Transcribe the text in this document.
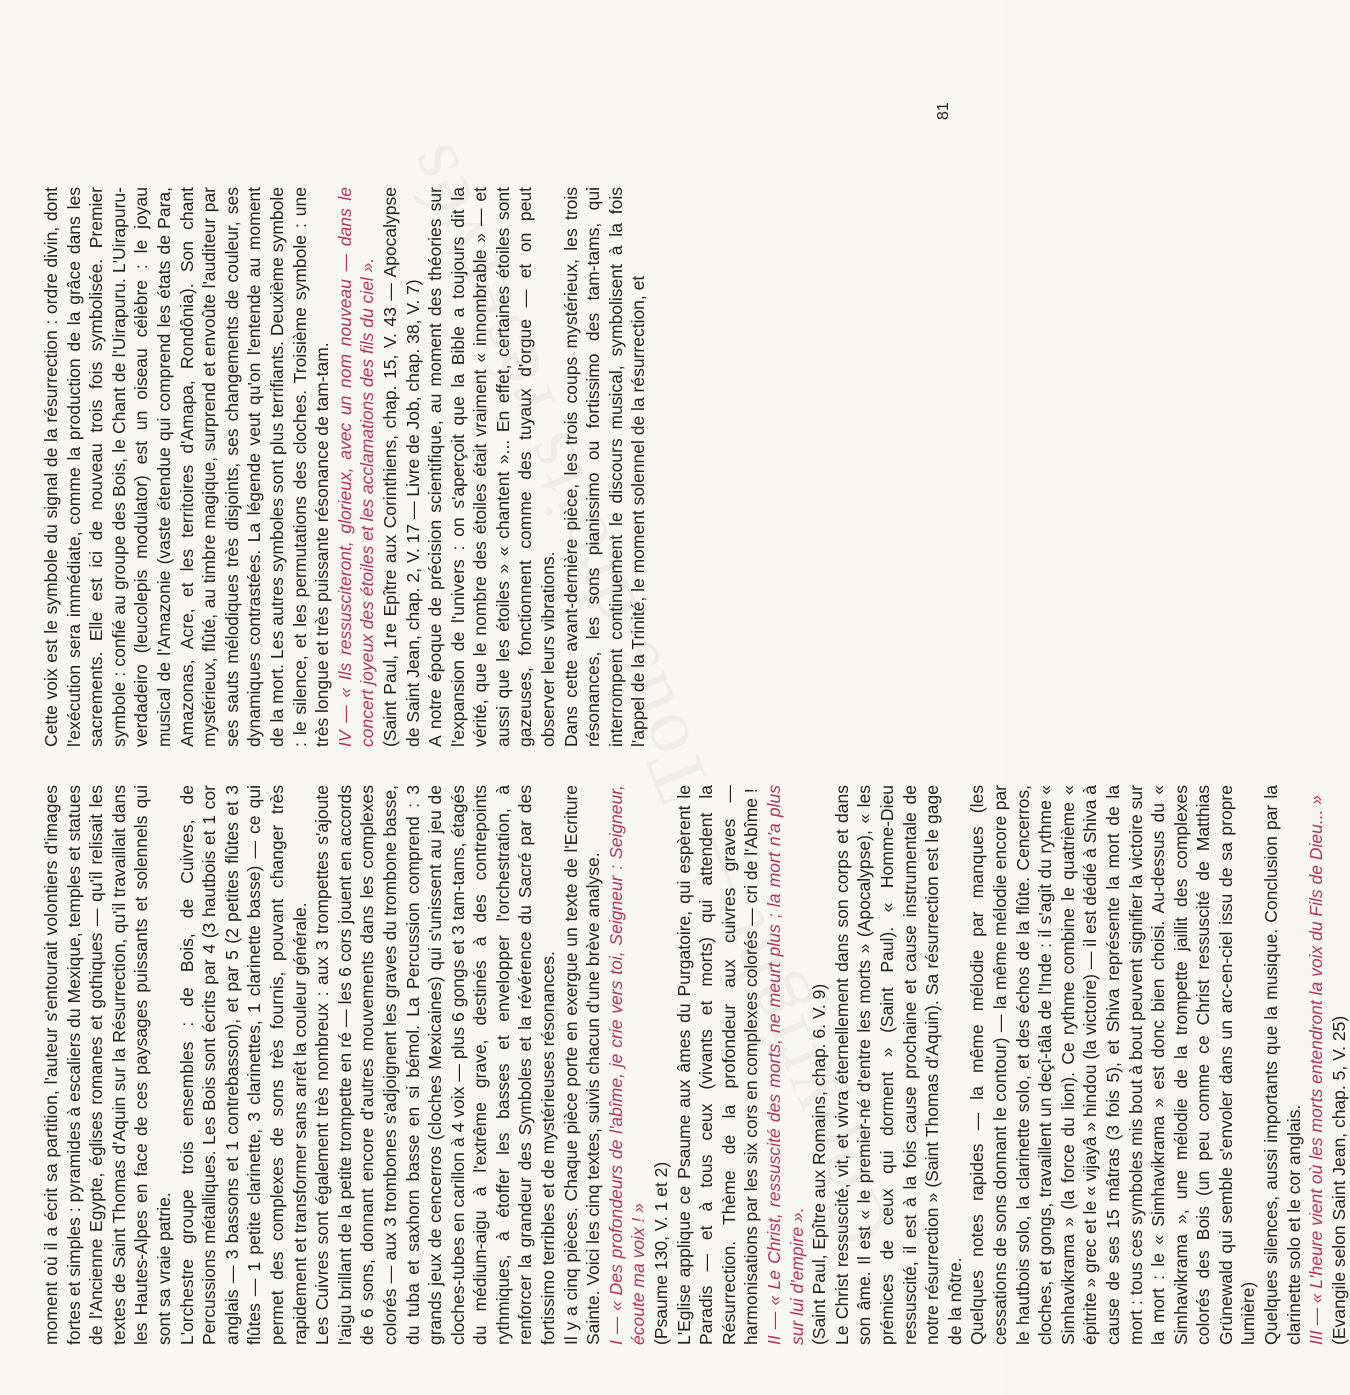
moment où il a écrit sa partition, l'auteur s'entourait volontiers d'images fortes et simples : pyramides à escaliers du Mexique, temples et statues de l'Ancienne Egypte, églises romanes et gothiques — qu'il relisait les textes de Saint Thomas d'Aquin sur la Résurrection, qu'il travaillait dans les Hautes-Alpes en face de ces paysages puissants et solennels qui sont sa vraie patrie. L'orchestre groupe trois ensembles : de Bois, de Cuivres, de Percussions métalliques. Les Bois sont écrits par 4 (3 hautbois et 1 cor anglais — 3 bassons et 1 contrebasson), et par 5 (2 petites flûtes et 3 flûtes — 1 petite clarinette, 3 clarinettes, 1 clarinette basse) — ce qui permet des complexes de sons très fournis, pouvant changer très rapidement et transformer sans arrêt la couleur générale. Les Cuivres sont également très nombreux : aux 3 trompettes s'ajoute l'aigu brillant de la petite trompette en ré — les 6 cors jouent en accords de 6 sons, donnant encore d'autres mouvements dans les complexes colorés — aux 3 trombones s'adjoignent les graves du trombone basse, du tuba et saxhorn basse en si bémol. La Percussion comprend : 3 grands jeux de cencerros (cloches Mexicaines) qui s'unissent au jeu de cloches-tubes en carillon à 4 voix — plus 6 gongs et 3 tam-tams, étagés du médium-aigu à l'extrême grave, destinés à des contrepoints rythmiques, à étoffer les basses et envelopper l'orchestration, à renforcer la grandeur des Symboles et la révérence du Sacré par des fortissimo terribles et de mystérieuses résonances. Il y a cinq pièces. Chaque pièce porte en exergue un texte de l'Ecriture Sainte. Voici les cinq textes, suivis chacun d'une brève analyse. I — « Des profondeurs de l'abîme, je crie vers toi, Seigneur : Seigneur, écoute ma voix ! » (Psaume 130, V. 1 et 2) L'Eglise applique ce Psaume aux âmes du Purgatoire, qui espèrent le Paradis — et à tous ceux (vivants et morts) qui attendent la Résurrection. Thème de la profondeur aux cuivres graves — harmonisations par les six cors en complexes colorés — cri de l'Abîme ! II — « Le Christ, ressuscité des morts, ne meurt plus ; la mort n'a plus sur lui d'empire ». (Saint Paul, Epître aux Romains, chap. 6. V. 9) Le Christ ressuscité, vit, et vivra éternellement dans son corps et dans son âme. Il est « le premier-né d'entre les morts » (Apocalypse), « les prémices de ceux qui dorment » (Saint Paul). « Homme-Dieu ressuscité, il est à la fois cause prochaine et cause instrumentale de notre résurrection » (Saint Thomas d'Aquin). Sa résurrection est le gage de la nôtre. Quelques notes rapides — la même mélodie par manques (les cessations de sons donnant le contour) — la même mélodie encore par le hautbois solo, la clarinette solo, et des échos de la flûte. Cencerros, cloches, et gongs, travaillent un deçî-tâla de l'Inde : il s'agit du rythme « Simhavikrama » (la force du lion). Ce rythme combine le quatrième « épitrite » grec et le « vijayâ » hindou (la victoire) — il est dédié à Shiva à cause de ses 15 mâtras (3 fois 5), et Shiva représente la mort de la mort : tous ces symboles mis bout à bout peuvent signifier la victoire sur la mort : le « Simhavikrama » est donc bien choisi. Au-dessus du « Simhavikrama », une mélodie de la trompette jaillit des complexes colorés des Bois (un peu comme ce Christ ressuscité de Matthias Grünewald qui semble s'envoler dans un arc-en-ciel issu de sa propre lumière) Quelques silences, aussi importants que la musique. Conclusion par la clarinette solo et le cor anglais. III — « L'heure vient où les morts entendront la voix du Fils de Dieu... » (Evangile selon Saint Jean, chap. 5, V. 25)

Cette voix est le symbole du signal de la résurrection : ordre divin, dont l'exécution sera immédiate, comme la production de la grâce dans les sacrements. Elle est ici de nouveau trois fois symbolisée. Premier symbole : confié au groupe des Bois, le Chant de l'Uirapuru. L'Uirapuru-verdadeiro (leucolepis modulator) est un oiseau célèbre : le joyau musical de l'Amazonie (vaste étendue qui comprend les états de Para, Amazonas, Acre, et les territoires d'Amapa, Rondônia). Son chant mystérieux, flûté, au timbre magique, surprend et envoûte l'auditeur par ses sauts mélodiques très disjoints, ses changements de couleur, ses dynamiques contrastées. La légende veut qu'on l'entende au moment de la mort. Les autres symboles sont plus terrifiants. Deuxième symbole : le silence, et les permutations des cloches. Troisième symbole : une très longue et très puissante résonance de tam-tam. IV — « Ils ressusciteront, glorieux, avec un nom nouveau — dans le concert joyeux des étoiles et les acclamations des fils du ciel ». (Saint Paul, 1re Epître aux Corinthiens, chap. 15, V. 43 — Apocalypse de Saint Jean, chap. 2, V. 17 — Livre de Job, chap. 38, V. 7) A notre époque de précision scientifique, au moment des théories sur l'expansion de l'univers : on s'aperçoit que la Bible a toujours dit la vérité, que le nombre des étoiles était vraiment « innombrable » — et aussi que les étoiles » « chantent »... En effet, certaines étoiles sont gazeuses, fonctionnent comme des tuyaux d'orgue — et on peut observer leurs vibrations. Dans cette avant-dernière pièce, les trois coups mystérieux, les trois résonances, les sons pianissimo ou fortissimo des tam-tams, qui interrompent continuement le discours musical, symbolisent à la fois l'appel de la Trinité, le moment solennel de la résurrection, et

81
